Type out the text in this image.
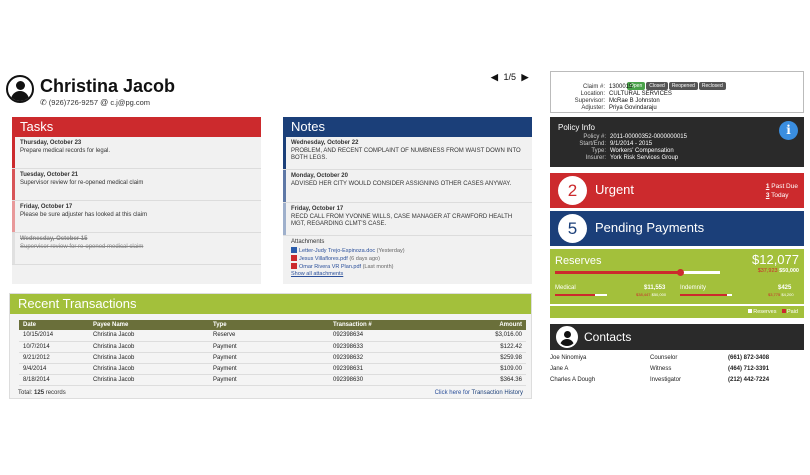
Christina Jacob
✆ (926)726-9257 @ c.j@pg.com
◀ 1/5 ▶
Open Closed Reopened Reclosed
Claim #: 1300015
Location: CULTURAL SERVICES
Supervisor: McRae B Johnston
Adjuster: Priya Govindaraju
Tasks
Thursday, October 23
Prepare medical records for legal.
Tuesday, October 21
Supervisor review for re-opened medical claim
Friday, October 17
Please be sure adjuster has looked at this claim
Wednesday, October 15
Supervisor review for re-opened medical claim
Notes
Wednesday, October 22
PROBLEM, AND RECENT COMPLAINT OF NUMBNESS FROM WAIST DOWN INTO BOTH LEGS.
Monday, October 20
ADVISED HER CITY WOULD CONSIDER ASSIGNING OTHER CASES ANYWAY.
Friday, October 17
RECD CALL FROM YVONNE WILLS, CASE MANAGER AT CRAWFORD HEALTH MGT, REGARDING CLMT'S CASE.
Attachments
Letter-Judy Trejo-Espinoza.doc (Yesterday)
Jesus Villaflores.pdf (6 days ago)
Omar Rivera VR Plan.pdf (Last month)
Show all attachments
Recent Transactions
Date	Payee Name	Type	Transaction #	Amount
10/15/2014	Christina Jacob	Reserve	092398634	$3,016.00
10/7/2014	Christina Jacob	Payment	092398633	$122.42
9/21/2012	Christina Jacob	Payment	092398632	$259.98
9/4/2014	Christina Jacob	Payment	092398631	$109.00
8/18/2014	Christina Jacob	Payment	092398630	$364.36
Total: 125 records	Click here for Transaction History
Policy Info	i
Policy #: 2011-00000352-0000000015
Start/End: 9/1/2014 - 2015
Type: Workers' Compensation
Insurer: York Risk Services Group
2	Urgent	1 Past Due
3 Today
5	Pending Payments
Reserves	$12,077
$37,923 $50,000
Medical	$11,553
$38,447 $50,000
Indemnity	$425
$3,775 $4,200
Reserves Paid
Contacts
Joe Ninomiya	Counselor	(661) 872-3408
Jane A	Witness	(464) 712-3391
Charles A Dough	Investigator	(212) 442-7224
